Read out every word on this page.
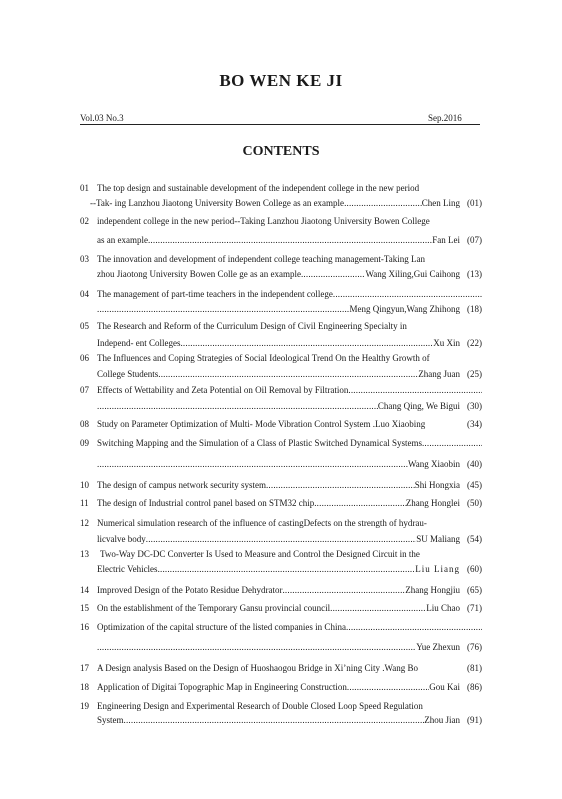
BO WEN KE JI
Vol.03 No.3	Sep.2016
CONTENTS
01 The top design and sustainable development of the independent college in the new period
--Tak- ing Lanzhou Jiaotong University Bowen College as an example .....	Chen Ling (01)
02 independent college in the new period--Taking Lanzhou Jiaotong University Bowen College
as an example .....	Fan Lei (07)
03 The innovation and development of independent college teaching management-Taking Lan
zhou Jiaotong University Bowen Colle ge as an example .....	Wang Xiling,Gui Caihong (13)
04 The management of part-time teachers in the independent college
.....
.....
Meng Qingyun,Wang Zhihong (18)
05 The Research and Reform of the Curriculum Design of Civil Engineering Specialty in
Independ- ent Colleges .....	Xu Xin (22)
06 The Influences and Coping Strategies of Social Ideological Trend On the Healthy Growth of
College Students .....	Zhang Juan (25)
07 Effects of Wettability and Zeta Potential on Oil Removal by Filtration
.....
.....
Chang Qing, We Bigui (30)
08 Study on Parameter Optimization of Multi- Mode Vibration Control System . Luo Xiaobing	(34)
09 Switching Mapping and the Simulation of a Class of Plastic Switched Dynamical Systems
.....
.....
Wang Xiaobin (40)
10 The design of campus network security system .....	Shi Hongxia (45)
11 The design of Industrial control panel based on STM32 chip .....	Zhang Honglei (50)
12 Numerical simulation research of the influence of castingDefects on the strength of hydrau-
licvalve body .....	SU Maliang (54)
13 Two-Way DC-DC Converter Is Used to Measure and Control the Designed Circuit in the
Electric Vehicles .....	Liu Liang (60)
14 Improved Design of the Potato Residue Dehydrator .....	Zhang Hongjiu (65)
15 On the establishment of the Temporary Gansu provincial council .....	Liu Chao (71)
16 Optimization of the capital structure of the listed companies in China
.....
.....
Yue Zhexun (76)
17 A Design analysis Based on the Design of Huoshaogou Bridge in Xi’ning City . Wang Bo	(81)
18 Application of Digitai Topographic Map in Engineering Construction .....	Gou Kai (86)
19 Engineering Design and Experimental Research of Double Closed Loop Speed Regulation
System .....	Zhou Jian (91)
